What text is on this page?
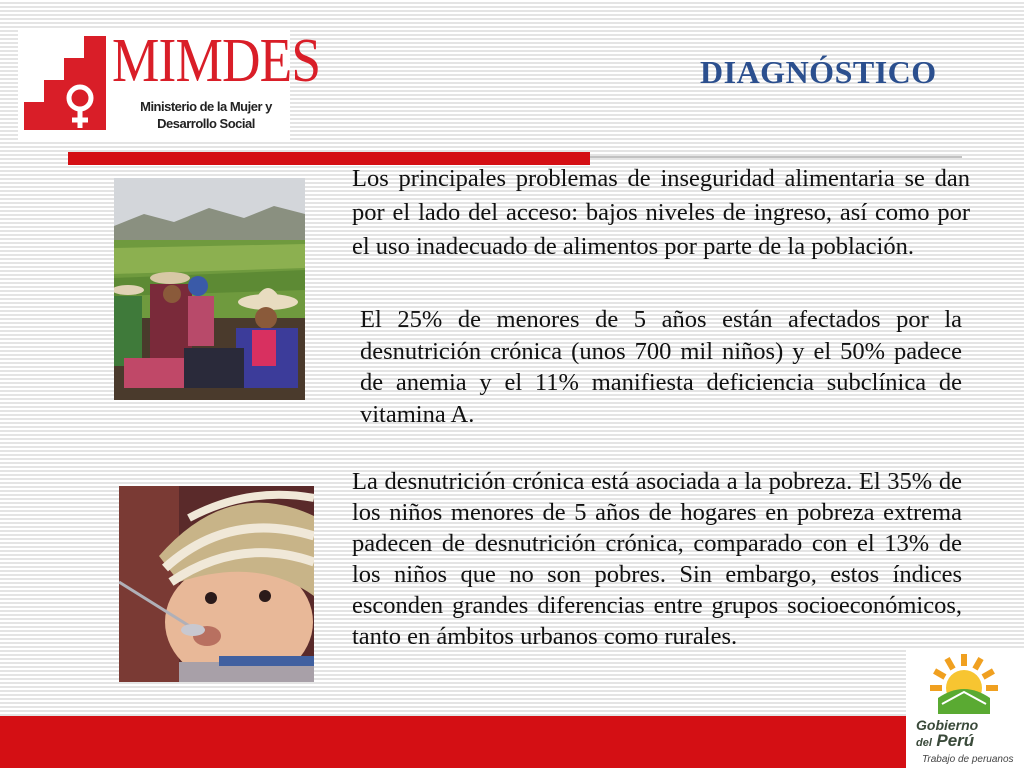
MIMDES
Ministerio de la Mujer y
Desarrollo Social
DIAGNÓSTICO

Los principales problemas de inseguridad alimentaria se dan por el lado del acceso: bajos niveles de ingreso, así como por el uso inadecuado de alimentos por parte de la población.

El 25% de menores de 5 años están afectados por la desnutrición crónica (unos 700 mil niños) y el 50% padece de anemia y el 11% manifiesta deficiencia subclínica de vitamina A.

La desnutrición crónica está asociada a la pobreza. El 35% de los niños menores de 5 años de hogares en pobreza extrema padecen de desnutrición crónica, comparado con el 13% de los niños que no son pobres. Sin embargo, estos índices esconden grandes diferencias entre grupos socioeconómicos, tanto en ámbitos urbanos como rurales.

Gobierno
del Perú
Trabajo de peruanos
